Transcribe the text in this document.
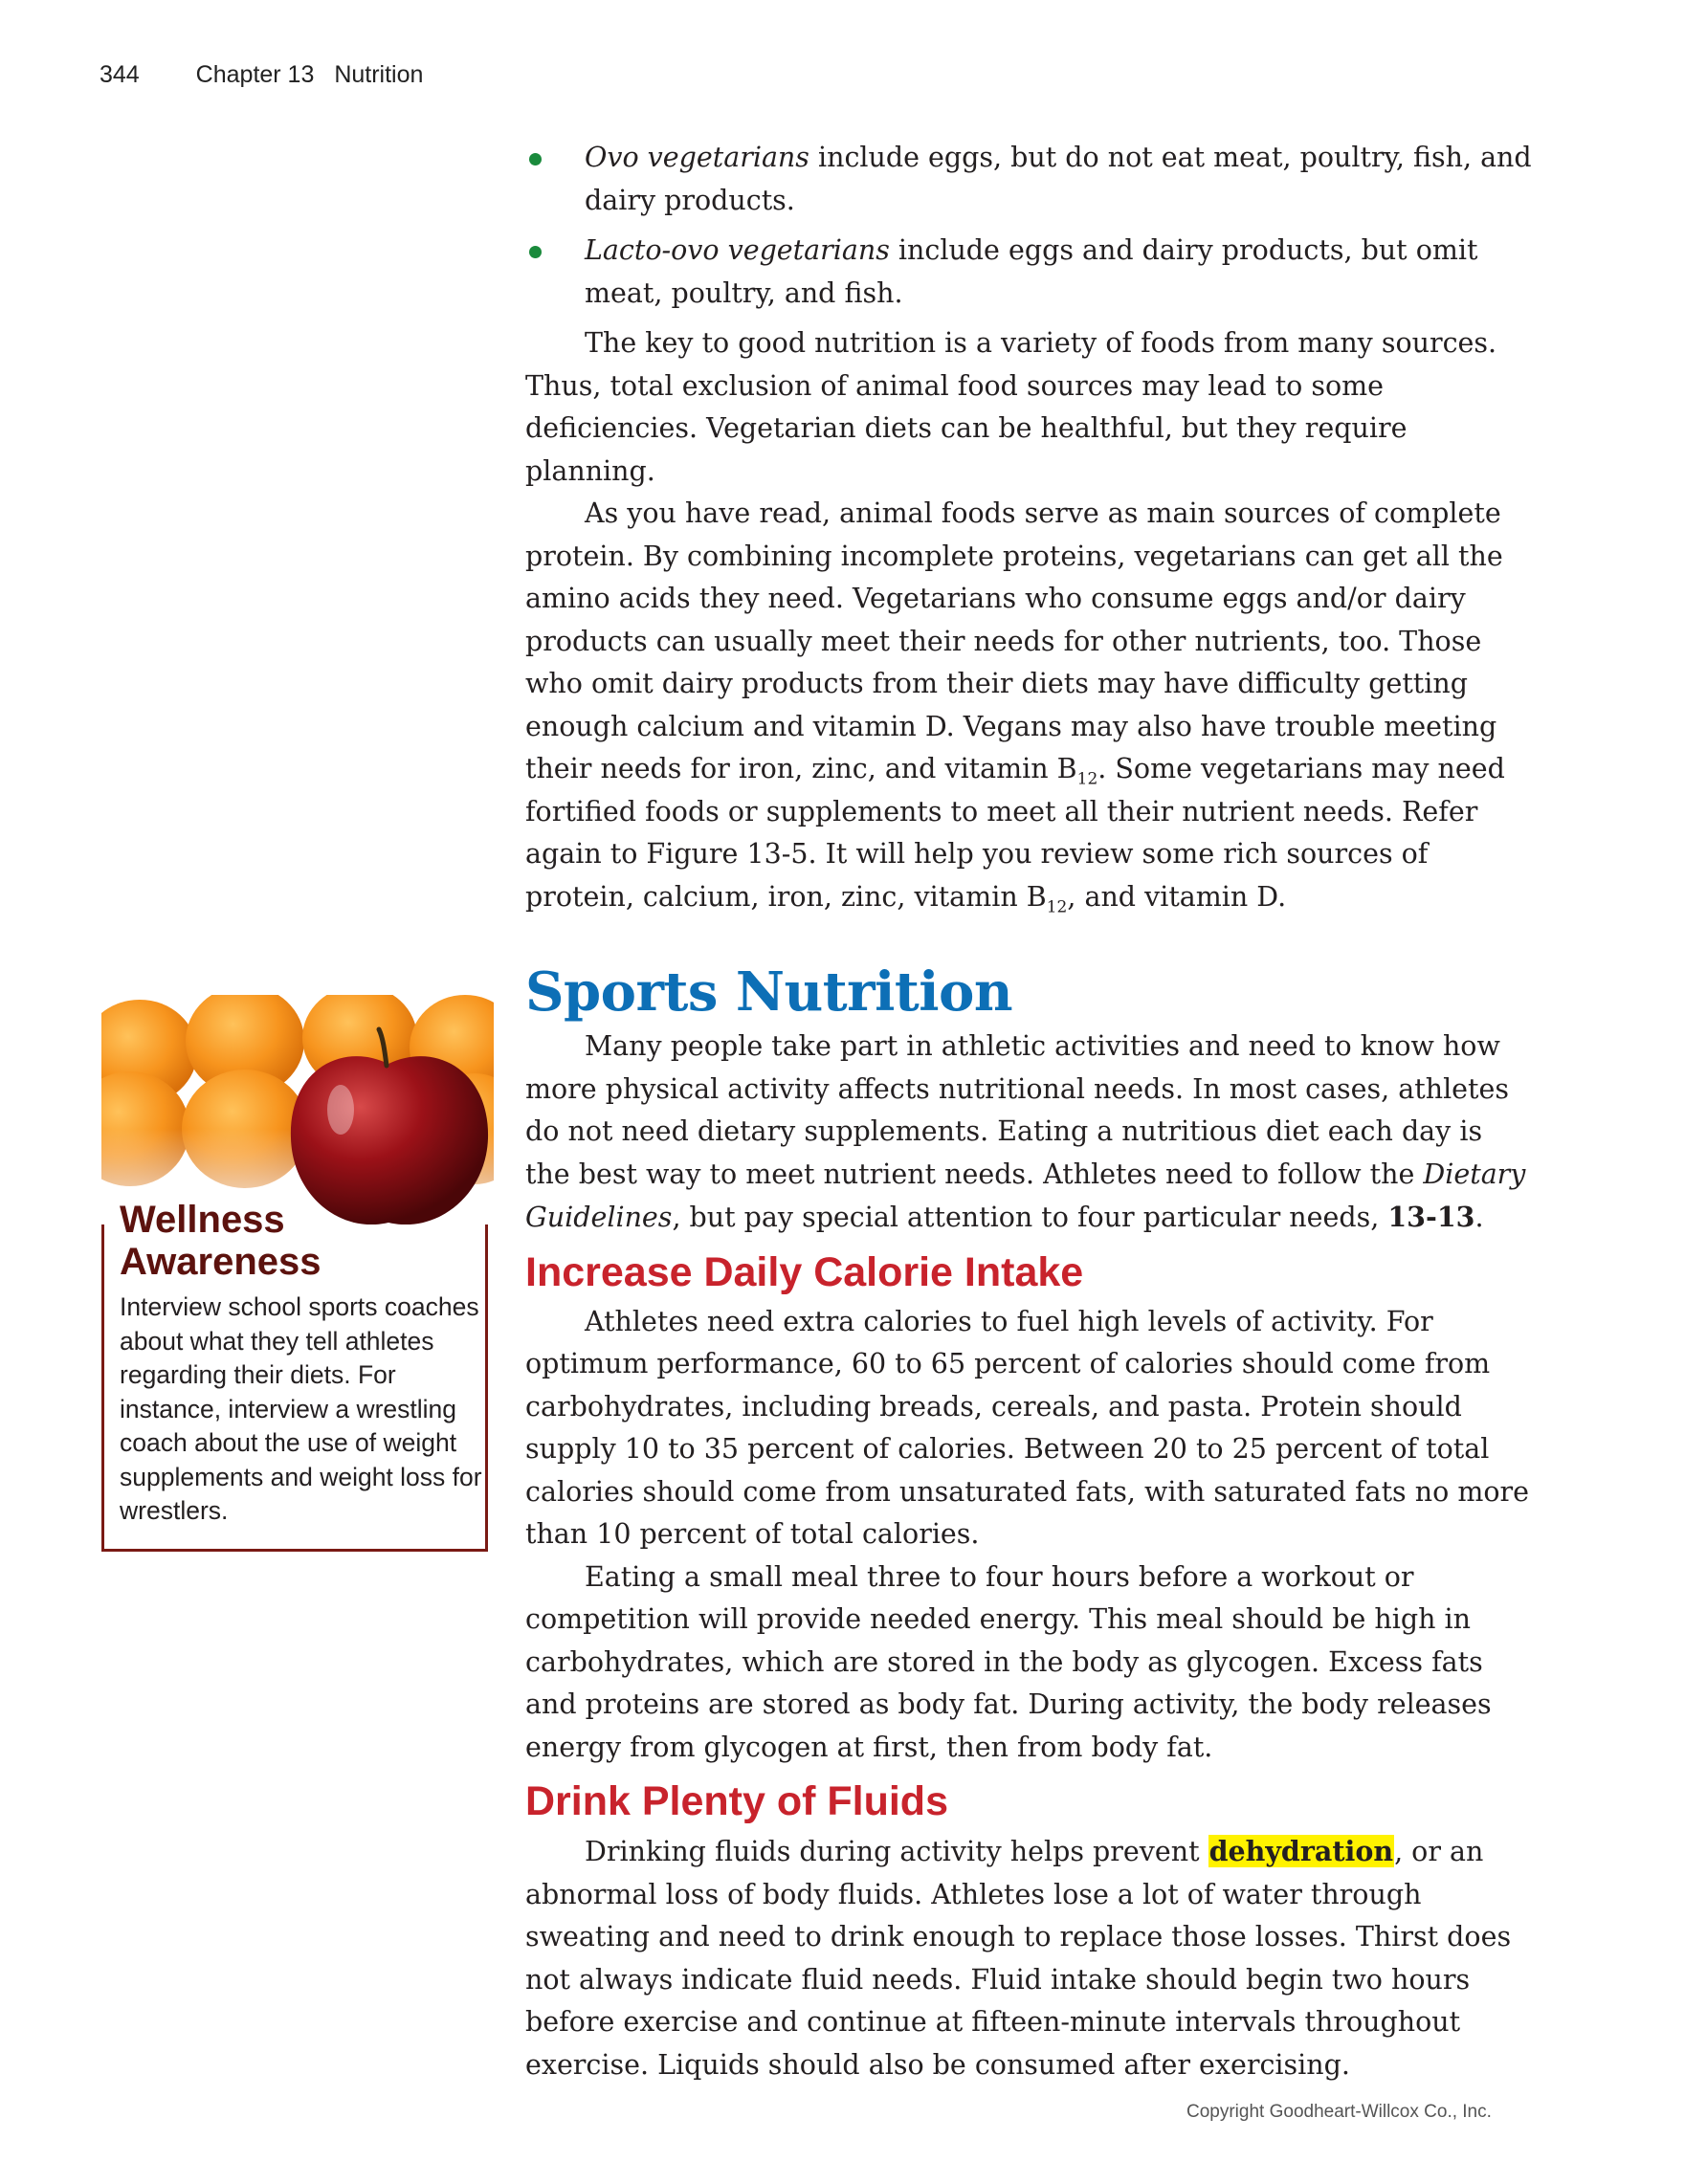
344 Chapter 13 Nutrition
Wellness
Awareness
Interview school sports coaches about what they tell athletes regarding their diets. For instance, interview a wrestling coach about the use of weight supplements and weight loss for wrestlers.
Ovo vegetarians include eggs, but do not eat meat, poultry, fish, and dairy products.
Lacto-ovo vegetarians include eggs and dairy products, but omit meat, poultry, and fish.

The key to good nutrition is a variety of foods from many sources. Thus, total exclusion of animal food sources may lead to some deficiencies. Vegetarian diets can be healthful, but they require planning.

As you have read, animal foods serve as main sources of complete protein. By combining incomplete proteins, vegetarians can get all the amino acids they need. Vegetarians who consume eggs and/or dairy products can usually meet their needs for other nutrients, too. Those who omit dairy products from their diets may have difficulty getting enough calcium and vitamin D. Vegans may also have trouble meeting their needs for iron, zinc, and vitamin $B_{12}$. Some vegetarians may need fortified foods or supplements to meet all their nutrient needs. Refer again to Figure 13-5. It will help you review some rich sources of protein, calcium, iron, zinc, vitamin $B_{12}$, and vitamin D.

Sports Nutrition

Many people take part in athletic activities and need to know how more physical activity affects nutritional needs. In most cases, athletes do not need dietary supplements. Eating a nutritious diet each day is the best way to meet nutrient needs. Athletes need to follow the Dietary Guidelines, but pay special attention to four particular needs, 13-13.

Increase Daily Calorie Intake

Athletes need extra calories to fuel high levels of activity. For optimum performance, 60 to 65 percent of calories should come from carbohydrates, including breads, cereals, and pasta. Protein should supply 10 to 35 percent of calories. Between 20 to 25 percent of total calories should come from unsaturated fats, with saturated fats no more than 10 percent of total calories.

Eating a small meal three to four hours before a workout or competition will provide needed energy. This meal should be high in carbohydrates, which are stored in the body as glycogen. Excess fats and proteins are stored as body fat. During activity, the body releases energy from glycogen at first, then from body fat.

Drink Plenty of Fluids

Drinking fluids during activity helps prevent dehydration, or an abnormal loss of body fluids. Athletes lose a lot of water through sweating and need to drink enough to replace those losses. Thirst does not always indicate fluid needs. Fluid intake should begin two hours before exercise and continue at fifteen-minute intervals throughout exercise. Liquids should also be consumed after exercising.

Copyright Goodheart-Willcox Co., Inc.
